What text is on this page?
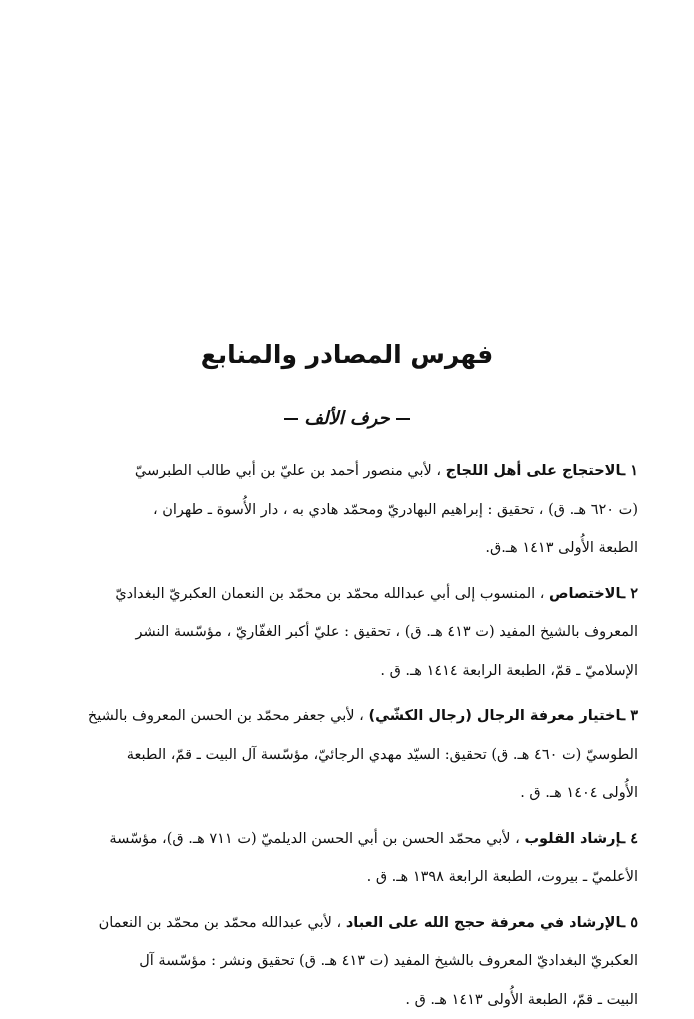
فهرس المصادر والمنابع
حرف الألف
١ ـالاحتجاج على أهل اللجاج ، لأبي منصور أحمد بن عليّ بن أبي طالب الطبرسيّ
(ت ٦٢٠ هـ. ق) ، تحقيق : إبراهيم البهادريّ ومحمّد هادي به ، دار الأُسوة ـ طهران ،
الطبعة الأُولى ١٤١٣ هـ.ق.
٢ ـالاختصاص ، المنسوب إلى أبي عبدالله محمّد بن محمّد بن النعمان العكبريّ البغداديّ
المعروف بالشيخ المفيد (ت ٤١٣ هـ. ق) ، تحقيق : عليّ أكبر الغفّاريّ ، مؤسّسة النشر
الإسلاميّ ـ قمّ، الطبعة الرابعة ١٤١٤ هـ. ق .
٣ ـاختيار معرفة الرجال (رجال الكشّي) ، لأبي جعفر محمّد بن الحسن المعروف بالشيخ
الطوسيّ (ت ٤٦٠ هـ. ق) تحقيق: السيّد مهدي الرجائيّ، مؤسّسة آل البيت ـ قمّ، الطبعة
الأُولى ١٤٠٤ هـ. ق .
٤ ـإرشاد القلوب ، لأبي محمّد الحسن بن أبي الحسن الديلميّ (ت ٧١١ هـ. ق)، مؤسّسة
الأعلميّ ـ بيروت، الطبعة الرابعة ١٣٩٨ هـ. ق .
٥ ـالإرشاد في معرفة حجج الله على العباد ، لأبي عبدالله محمّد بن محمّد بن النعمان
العكبريّ البغداديّ المعروف بالشيخ المفيد (ت ٤١٣ هـ. ق) تحقيق ونشر : مؤسّسة آل
البيت ـ قمّ، الطبعة الأُولى ١٤١٣ هـ. ق .
